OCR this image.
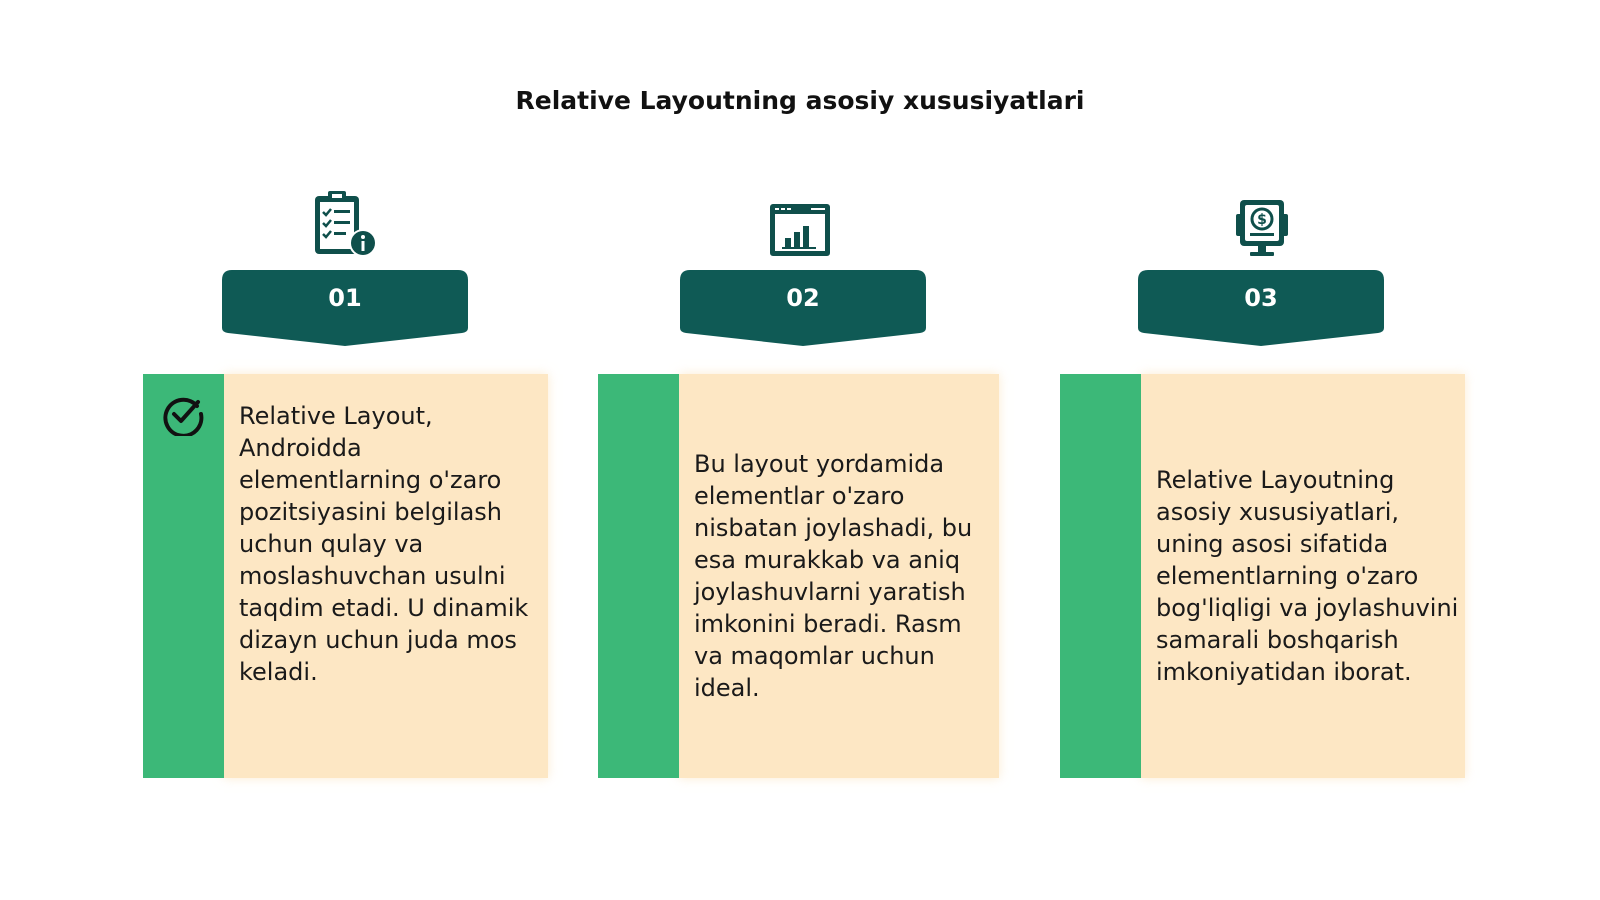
Relative Layoutning asosiy xususiyatlari
01
Relative Layout, Androidda elementlarning o'zaro pozitsiyasini belgilash uchun qulay va moslashuvchan usulni taqdim etadi. U dinamik dizayn uchun juda mos keladi.
02
Bu layout yordamida elementlar o'zaro nisbatan joylashadi, bu esa murakkab va aniq joylashuvlarni yaratish imkonini beradi. Rasm va maqomlar uchun ideal.
$
03
Relative Layoutning asosiy xususiyatlari, uning asosi sifatida elementlarning o'zaro bog'liqligi va joylashuvini samarali boshqarish imkoniyatidan iborat.
